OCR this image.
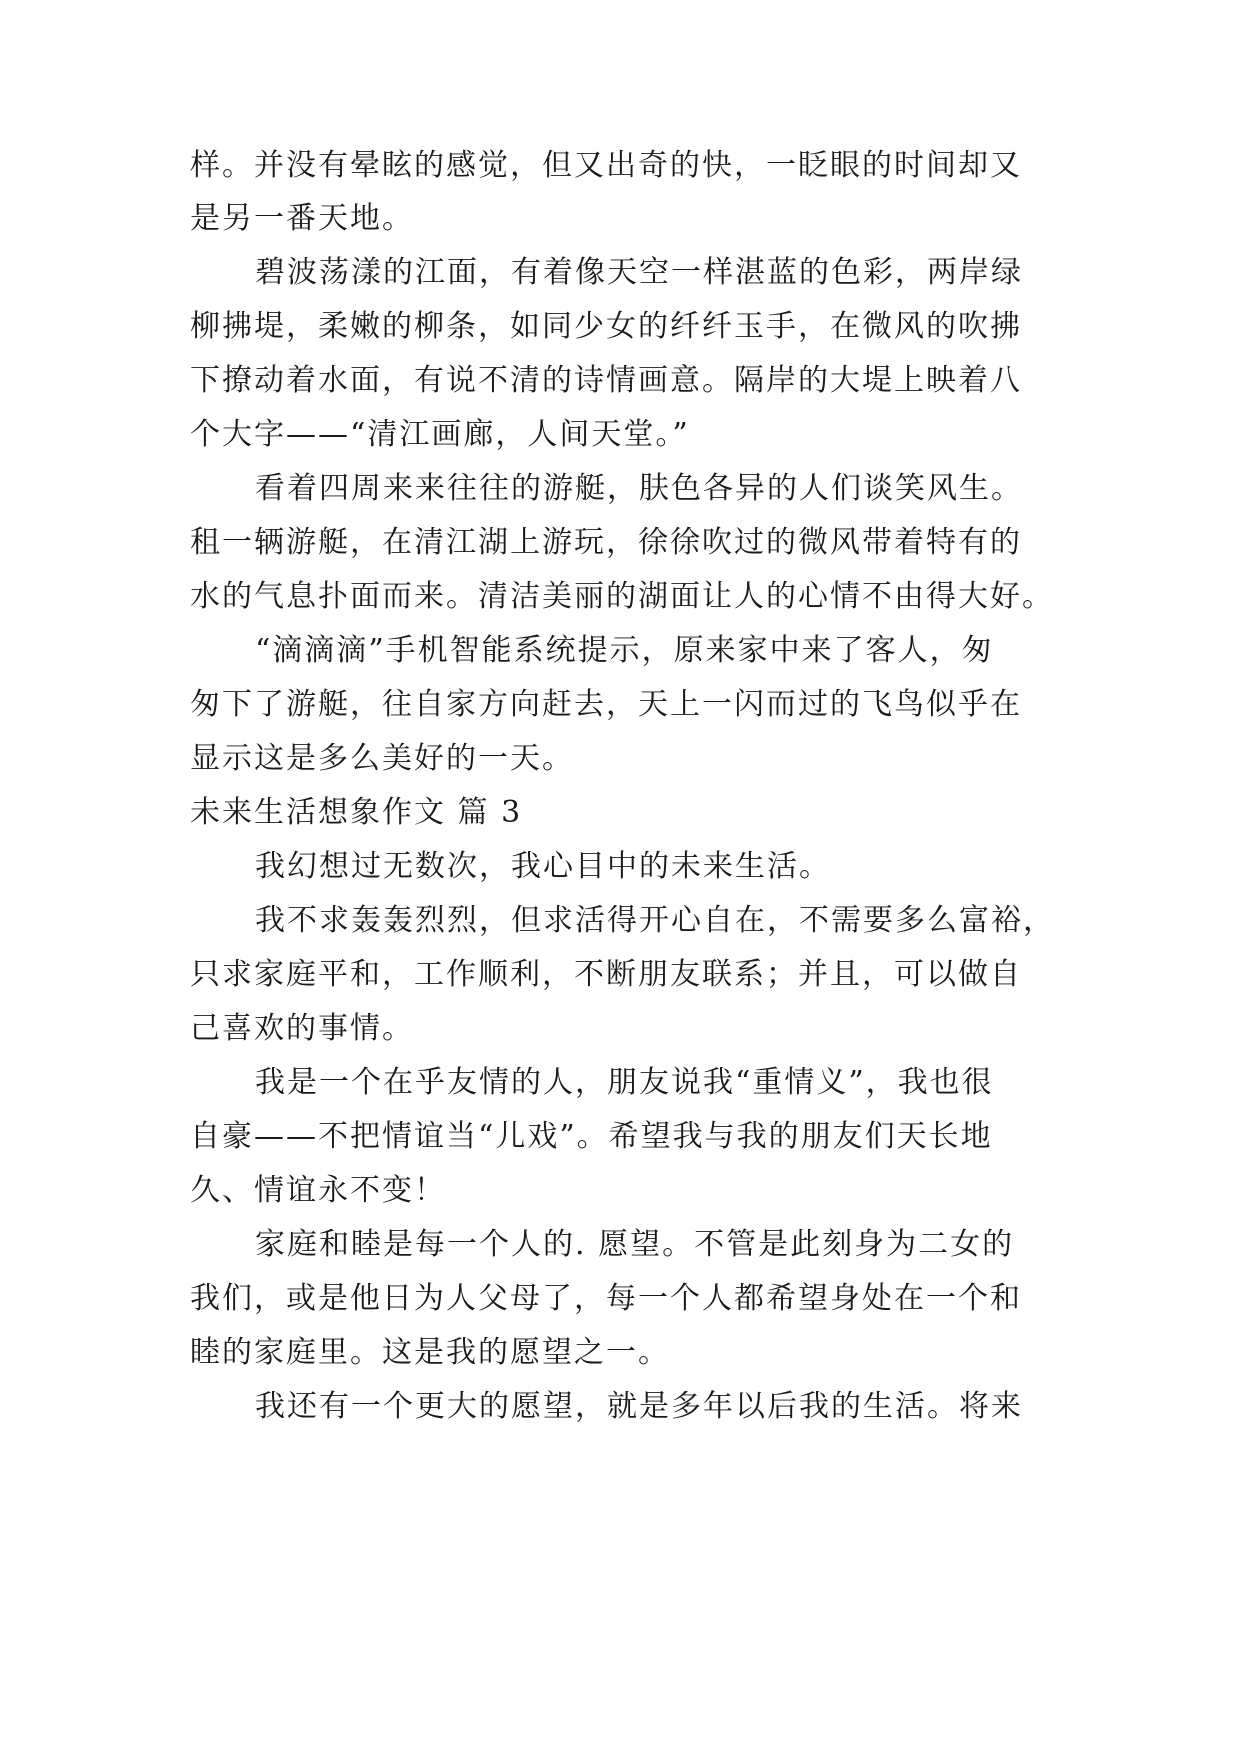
样。并没有晕眩的感觉，但又出奇的快，一眨眼的时间却又
是另一番天地。
碧波荡漾的江面，有着像天空一样湛蓝的色彩，两岸绿
柳拂堤，柔嫩的柳条，如同少女的纤纤玉手，在微风的吹拂
下撩动着水面，有说不清的诗情画意。隔岸的大堤上映着八
个大字——“清江画廊，人间天堂。”
看着四周来来往往的游艇，肤色各异的人们谈笑风生。
租一辆游艇，在清江湖上游玩，徐徐吹过的微风带着特有的
水的气息扑面而来。清洁美丽的湖面让人的心情不由得大好。
“滴滴滴”手机智能系统提示，原来家中来了客人，匆
匆下了游艇，往自家方向赶去，天上一闪而过的飞鸟似乎在
显示这是多么美好的一天。
未来生活想象作文 篇 3
我幻想过无数次，我心目中的未来生活。
我不求轰轰烈烈，但求活得开心自在，不需要多么富裕，
只求家庭平和，工作顺利，不断朋友联系；并且，可以做自
己喜欢的事情。
我是一个在乎友情的人，朋友说我“重情义”，我也很
自豪——不把情谊当“儿戏”。希望我与我的朋友们天长地
久、情谊永不变！
家庭和睦是每一个人的. 愿望。不管是此刻身为二女的
我们，或是他日为人父母了，每一个人都希望身处在一个和
睦的家庭里。这是我的愿望之一。
我还有一个更大的愿望，就是多年以后我的生活。将来
